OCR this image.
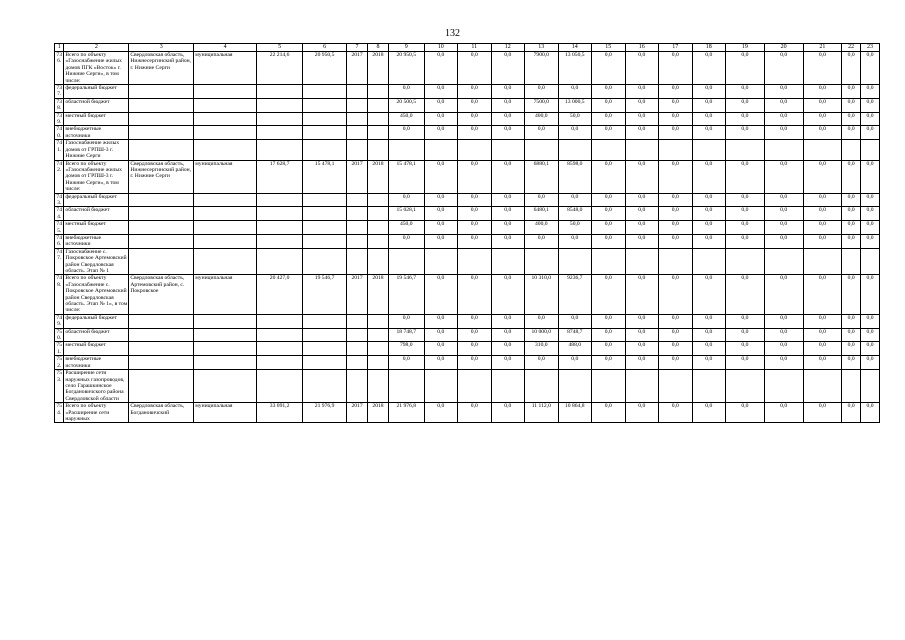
132
1	2	3	4	5	6	7	8	9	10	11	12	13	14	15	16	17	18	19	20	21	22	23
736.	Всего по объекту «Газоснабжение жилых домов ПГК «Восток» г. Нижние Серги», в том числе:	Свердловская область, Нижнесергинский район, г. Нижние Серги	муниципальная	22 214,6	20 950,5	2017	2018	20 950,5	0,0	0,0	0,0	7900,0	13 050,5	0,0	0,0	0,0	0,0	0,0	0,0	0,0	0,0	0,0
737.	федеральный бюджет							0,0	0,0	0,0	0,0	0,0	0,0	0,0	0,0	0,0	0,0	0,0	0,0	0,0	0,0	0,0
738.	областной бюджет							20 500,5	0,0	0,0	0,0	7500,0	13 000,5	0,0	0,0	0,0	0,0	0,0	0,0	0,0	0,0	0,0
739.	местный бюджет							450,0	0,0	0,0	0,0	400,0	50,0	0,0	0,0	0,0	0,0	0,0	0,0	0,0	0,0	0,0
740.	внебюджетные источники							0,0	0,0	0,0	0,0	0,0	0,0	0,0	0,0	0,0	0,0	0,0	0,0	0,0	0,0	0,0
741.	Газоснабжение жилых домов от ГРПШ-3 г. Нижние Серги																					
742.	Всего по объекту «Газоснабжение жилых домов от ГРПШ-3 г. Нижние Серги», в том числе:	Свердловская область, Нижнесергинский район, г. Нижние Серги	муниципальная	17 628,7	15 478,1	2017	2018	15 478,1	0,0	0,0	0,0	6880,1	8598,0	0,0	0,0	0,0	0,0	0,0	0,0	0,0	0,0	0,0
743.	федеральный бюджет							0,0	0,0	0,0	0,0	0,0	0,0	0,0	0,0	0,0	0,0	0,0	0,0	0,0	0,0	0,0
744.	областной бюджет							15 028,1	0,0	0,0	0,0	6480,1	8548,0	0,0	0,0	0,0	0,0	0,0	0,0	0,0	0,0	0,0
745.	местный бюджет							450,0	0,0	0,0	0,0	400,0	50,0	0,0	0,0	0,0	0,0	0,0	0,0	0,0	0,0	0,0
746.	внебюджетные источники							0,0	0,0	0,0	0,0	0,0	0,0	0,0	0,0	0,0	0,0	0,0	0,0	0,0	0,0	0,0
747.	Газоснабжение с. Покровское Артемовский район Свердловская область. Этап № 1																					
748.	Всего по объекту «Газоснабжение с. Покровское Артемовский район Свердловская область. Этап № 1», в том числе:	Свердловская область, Артемовский район, с. Покровское	муниципальная	20 427,0	19 546,7	2017	2018	19 546,7	0,0	0,0	0,0	10 310,0	9236,7	0,0	0,0	0,0	0,0	0,0	0,0	0,0	0,0	0,0
749.	федеральный бюджет							0,0	0,0	0,0	0,0	0,0	0,0	0,0	0,0	0,0	0,0	0,0	0,0	0,0	0,0	0,0
750.	областной бюджет							18 748,7	0,0	0,0	0,0	10 000,0	8748,7	0,0	0,0	0,0	0,0	0,0	0,0	0,0	0,0	0,0
751.	местный бюджет							798,0	0,0	0,0	0,0	310,0	488,0	0,0	0,0	0,0	0,0	0,0	0,0	0,0	0,0	0,0
752.	внебюджетные источники							0,0	0,0	0,0	0,0	0,0	0,0	0,0	0,0	0,0	0,0	0,0	0,0	0,0	0,0	0,0
753.	Расширение сети наружных газопроводов, село Гарашкинское Богдановичского района Свердловской области																					
754.	Всего по объекту «Расширение сети наружных	Свердловская область, Богдановичский	муниципальная	33 091,2	21 976,9	2017	2018	21 976,8	0,0	0,0	0,0	11 112,0	10 864,8	0,0	0,0	0,0	0,0	0,0	0,0	0,0	0,0	0,0
